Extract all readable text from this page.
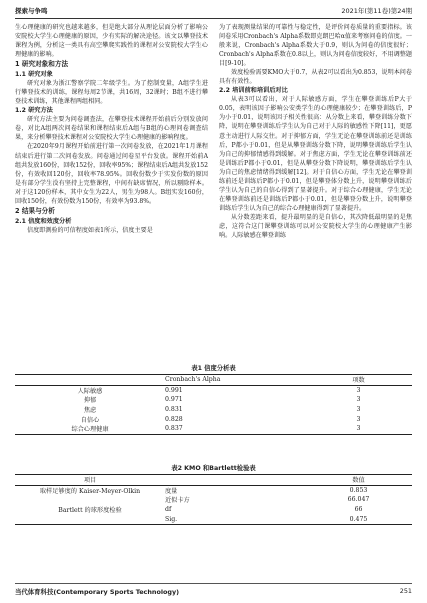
探索与争鸣	2021年(第11卷)第24期

生心理健康的研究也越来越多，但是绝大部分从理论层面分析了影响公安院校大学生心理健康的原因，少有实际的解决途径。该文以攀登技术课程为例，分析这一类具有高空攀爬实践性的课程对公安院校大学生心理健康的影响。

1 研究对象和方法
1.1 研究对象

研究对象为浙江警察学院二年级学生。为了控制变量，A组学生进行攀登技术的训练，课程每周2节课，共16周，32课时；B组不进行攀登技术训练，其他课程两组相同。

1.2 研究方法

研究方法主要为问卷调查法，在攀登技术课程开始前后分别发放问卷，对比A组两次问卷结果和课程结束后A组与B组的心理问卷调查结果，来分析攀登技术课程对公安院校大学生心理健康的影响程度。

在2020年9月课程开始前进行第一次问卷发放，在2021年1月课程结束后进行第二次问卷发放。问卷通过问卷星平台发放。课程开始前A组共发放160份，回收152份，回收率95%；课程结束后A组共发放152份，有效收回120份，回收率78.95%。回收份数少于实发份数的原因是有部分学生没有坚持上完整课程，中间有缺席情况，所以剔除样本。对于这120份样本，其中女生为22人，男生为98人。B组实发160份，回收150份，有效份数为150份，有效率为93.8%。

2 结果与分析
2.1 信度和效度分析

信度即测验的可信程度如表1所示，信度主要是

为了表现测量结果的可靠性与稳定性，是评价问卷质量的重要指标。该问卷采用Cronbach's Alpha系数即克朗巴哈α值来考察问卷的信度。一般来说，Cronbach's Alpha系数大于0.9，则认为问卷的信度很好；Cronbach's Alpha系数在0.8以上，则认为问卷信度较好，不用调整题目[9-10]。

效度检验需要KMO大于0.7，从表2可以看出为0.853，说明本问卷具有有效性。

2.2 培训前和培训后对比

从表3可以看出，对于人际敏感方面，学生在攀登训练后P大于0.05，表明该因子影响公安类学生的心理健康较少；在攀登训练后，P为小于0.01，说明该因子相关性很高：从分数上来看，攀登训练分数下降，说明在攀登训练后学生认为自己对于人际的敏感性下降[11]，更愿意主动进行人际交往。对于抑郁方面，学生无论在攀登训练前还是训练后，P都小于0.01，但是从攀登训练分数下降，说明攀登训练后学生认为自己的抑郁情感得到缓解。对于焦虑方面，学生无论在攀登训练前还是训练后P都小于0.01，但是从攀登分数下降说明，攀登训练后学生认为自己的焦虑情绪得到缓解[12]。对于自信心方面，学生无论在攀登训练前还是训练后P都小于0.01，但是攀登体分数上升，说明攀登训练后学生认为自己的自信心得到了显著提升。对于综合心理健康，学生无论在攀登训练前还是训练后P都小于0.01，但是攀登分数上升，说明攀登训练后学生认为自己的综合心理健康得到了显著提升。

从分数差距来看，提升最明显的是自信心，其次降低最明显的是焦虑，这符合这门课攀登训练可以对公安院校大学生的心理健康产生影响。人际敏感在攀登训练

表1 信度分析表
	Cronbach's Alpha	项数
人际敏感	0.991	3
抑郁	0.971	3
焦虑	0.831	3
自信心	0.828	3
综合心理健康	0.837	3
表2 KMO 和Bartlett检验表
项目		数值
取样足够度的 Kaiser-Meyer-Olkin	度量	0.853
	近似卡方	66.047
Bartlett 的球形度检验	df	66
	Sig.	0.475
当代体育科技(Contemporary Sports Technology)	251
